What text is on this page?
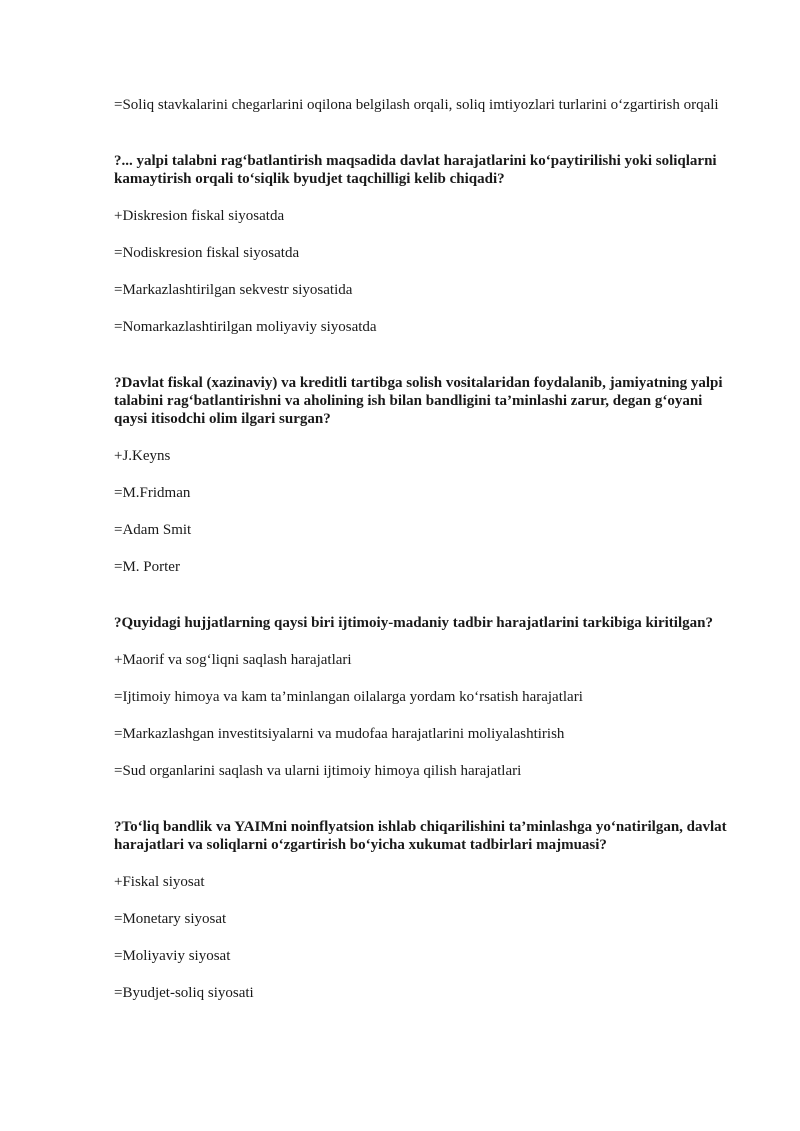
=Soliq stavkalarini chegarlarini oqilona belgilash orqali, soliq imtiyozlari turlarini o‘zgartirish orqali

?... yalpi talabni rag‘batlantirish maqsadida davlat harajatlarini ko‘paytirilishi yoki soliqlarni kamaytirish orqali to‘siqlik byudjet taqchilligi kelib chiqadi?

+Diskresion fiskal siyosatda

=Nodiskresion fiskal siyosatda

=Markazlashtirilgan sekvestr siyosatida

=Nomarkazlashtirilgan moliyaviy siyosatda

?Davlat fiskal (xazinaviy) va kreditli tartibga solish vositalaridan foydalanib, jamiyatning yalpi talabini rag‘batlantirishni va aholining ish bilan bandligini ta’minlashi zarur, degan g‘oyani qaysi itisodchi olim ilgari surgan?

+J.Keyns

=M.Fridman

=Adam Smit

=M. Porter

?Quyidagi hujjatlarning qaysi biri ijtimoiy-madaniy tadbir harajatlarini tarkibiga kiritilgan?

+Maorif va sog‘liqni saqlash harajatlari

=Ijtimoiy himoya va kam ta’minlangan oilalarga yordam ko‘rsatish harajatlari

=Markazlashgan investitsiyalarni va mudofaa harajatlarini moliyalashtirish

=Sud organlarini saqlash va ularni ijtimoiy himoya qilish harajatlari

?To‘liq bandlik va YAIMni noinflyatsion ishlab chiqarilishini ta’minlashga yo‘natirilgan, davlat harajatlari va soliqlarni o‘zgartirish bo‘yicha xukumat tadbirlari majmuasi?

+Fiskal siyosat

=Monetary siyosat

=Moliyaviy siyosat

=Byudjet-soliq siyosati
